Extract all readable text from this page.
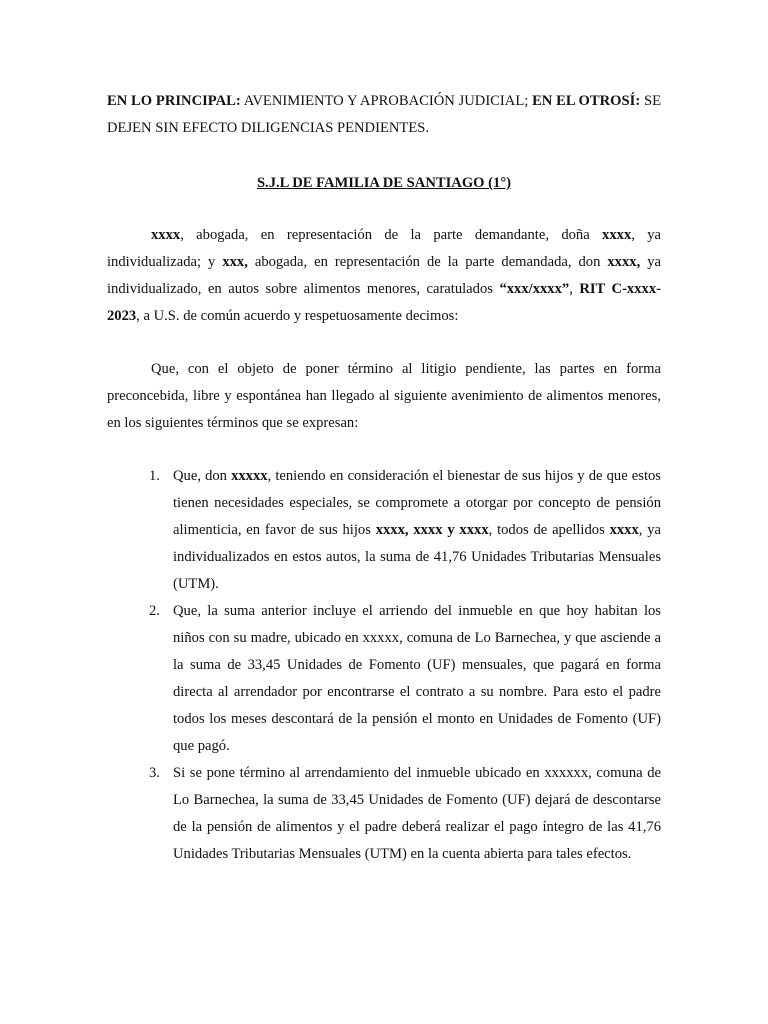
EN LO PRINCIPAL: AVENIMIENTO Y APROBACIÓN JUDICIAL; EN EL OTROSÍ: SE DEJEN SIN EFECTO DILIGENCIAS PENDIENTES.

S.J.L DE FAMILIA DE SANTIAGO (1°)

xxxx, abogada, en representación de la parte demandante, doña xxxx, ya individualizada; y xxx, abogada, en representación de la parte demandada, don xxxx, ya individualizado, en autos sobre alimentos menores, caratulados “xxx/xxxx”, RIT C-xxxx-2023, a U.S. de común acuerdo y respetuosamente decimos:

Que, con el objeto de poner término al litigio pendiente, las partes en forma preconcebida, libre y espontánea han llegado al siguiente avenimiento de alimentos menores, en los siguientes términos que se expresan:

1. Que, don xxxxx, teniendo en consideración el bienestar de sus hijos y de que estos tienen necesidades especiales, se compromete a otorgar por concepto de pensión alimenticia, en favor de sus hijos xxxx, xxxx y xxxx, todos de apellidos xxxx, ya individualizados en estos autos, la suma de 41,76 Unidades Tributarias Mensuales (UTM).
2. Que, la suma anterior incluye el arriendo del inmueble en que hoy habitan los niños con su madre, ubicado en xxxxx, comuna de Lo Barnechea, y que asciende a la suma de 33,45 Unidades de Fomento (UF) mensuales, que pagará en forma directa al arrendador por encontrarse el contrato a su nombre. Para esto el padre todos los meses descontará de la pensión el monto en Unidades de Fomento (UF) que pagó.
3. Si se pone término al arrendamiento del inmueble ubicado en xxxxxx, comuna de Lo Barnechea, la suma de 33,45 Unidades de Fomento (UF) dejará de descontarse de la pensión de alimentos y el padre deberá realizar el pago íntegro de las 41,76 Unidades Tributarias Mensuales (UTM) en la cuenta abierta para tales efectos.
